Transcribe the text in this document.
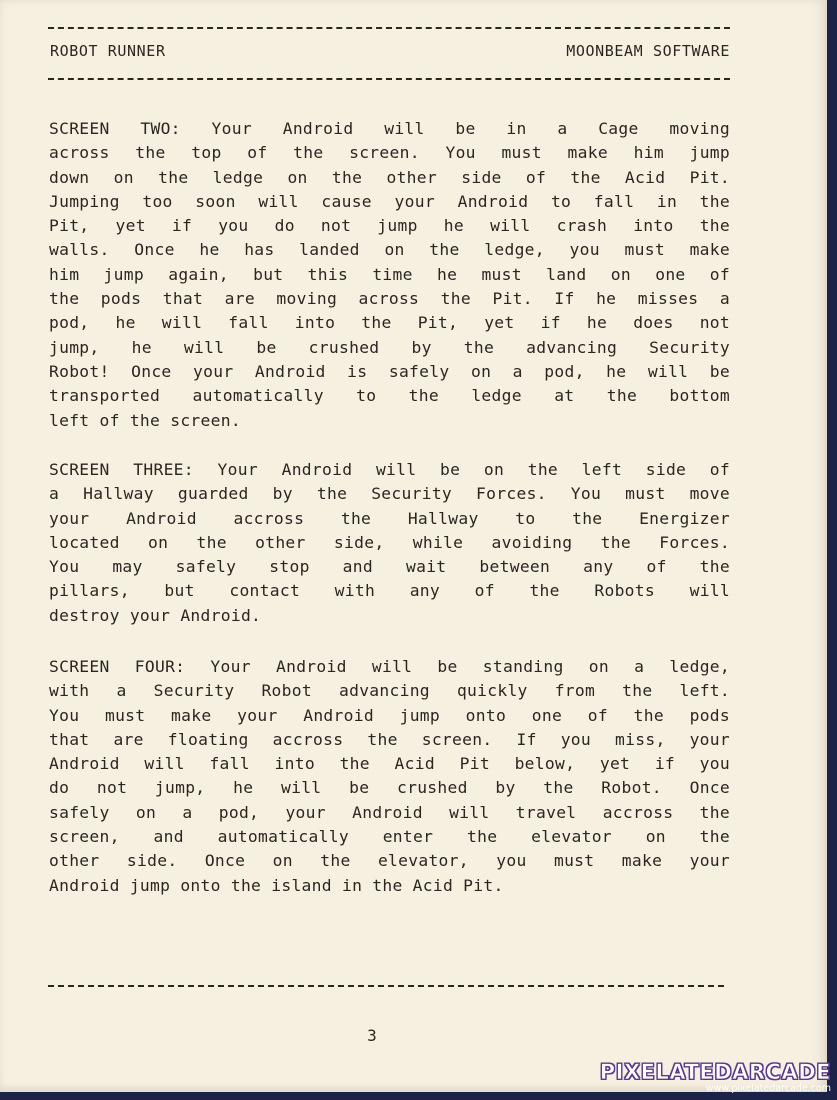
ROBOT RUNNER	MOONBEAM SOFTWARE

SCREEN TWO: Your Android will be in a Cage moving

across the top of the screen. You must make him jump

down on the ledge on the other side of the Acid Pit.

Jumping too soon will cause your Android to fall in the

Pit, yet if you do not jump he will crash into the

walls. Once he has landed on the ledge, you must make

him jump again, but this time he must land on one of

the pods that are moving across the Pit. If he misses a

pod, he will fall into the Pit, yet if he does not

jump, he will be crushed by the advancing Security

Robot! Once your Android is safely on a pod, he will be

transported automatically to the ledge at the bottom

left of the screen.

SCREEN THREE: Your Android will be on the left side of

a Hallway guarded by the Security Forces. You must move

your Android accross the Hallway to the Energizer

located on the other side, while avoiding the Forces.

You may safely stop and wait between any of the

pillars, but contact with any of the Robots will

destroy your Android.

SCREEN FOUR: Your Android will be standing on a ledge,

with a Security Robot advancing quickly from the left.

You must make your Android jump onto one of the pods

that are floating accross the screen. If you miss, your

Android will fall into the Acid Pit below, yet if you

do not jump, he will be crushed by the Robot. Once

safely on a pod, your Android will travel accross the

screen, and automatically enter the elevator on the

other side. Once on the elevator, you must make your

Android jump onto the island in the Acid Pit.

3
PIXELATEDARCADE
www.pixelatedarcade.com
